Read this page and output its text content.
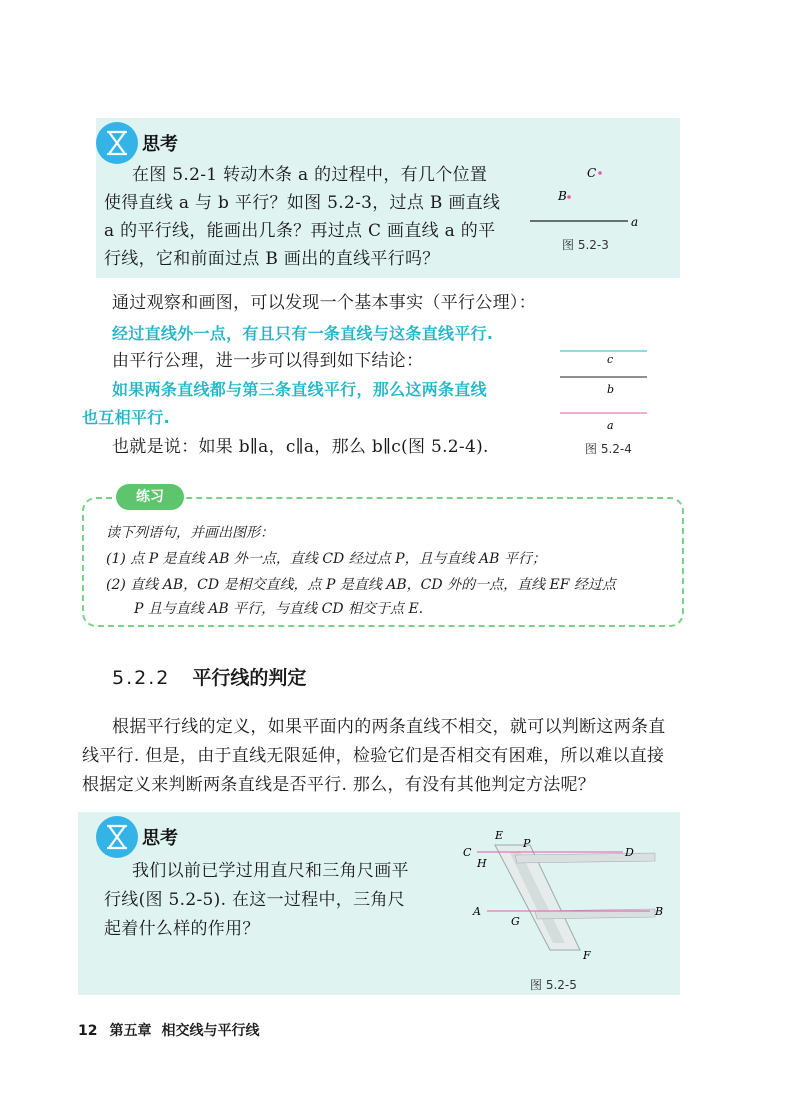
思考
在图 5.2-1 转动木条 a 的过程中，有几个位置
使得直线 a 与 b 平行？如图 5.2-3，过点 B 画直线
a 的平行线，能画出几条？再过点 C 画直线 a 的平
行线，它和前面过点 B 画出的直线平行吗？
C
B
a
图 5.2-3
通过观察和画图，可以发现一个基本事实（平行公理）：
经过直线外一点，有且只有一条直线与这条直线平行.
由平行公理，进一步可以得到如下结论：
如果两条直线都与第三条直线平行，那么这两条直线
也互相平行.
也就是说：如果 b∥a，c∥a，那么 b∥c(图 5.2-4).
c
b
a
图 5.2-4
练习
读下列语句，并画出图形：
(1) 点 P 是直线 AB 外一点，直线 CD 经过点 P，且与直线 AB 平行；
(2) 直线 AB，CD 是相交直线，点 P 是直线 AB，CD 外的一点，直线 EF 经过点
P 且与直线 AB 平行，与直线 CD 相交于点 E.
5.2.2 平行线的判定
根据平行线的定义，如果平面内的两条直线不相交，就可以判断这两条直
线平行. 但是，由于直线无限延伸，检验它们是否相交有困难，所以难以直接
根据定义来判断两条直线是否平行. 那么，有没有其他判定方法呢？
思考
我们以前已学过用直尺和三角尺画平
行线(图 5.2-5). 在这一过程中，三角尺
起着什么样的作用？
C	D
E
P
H
A	B
G
F
图 5.2-5
12 第五章 相交线与平行线
